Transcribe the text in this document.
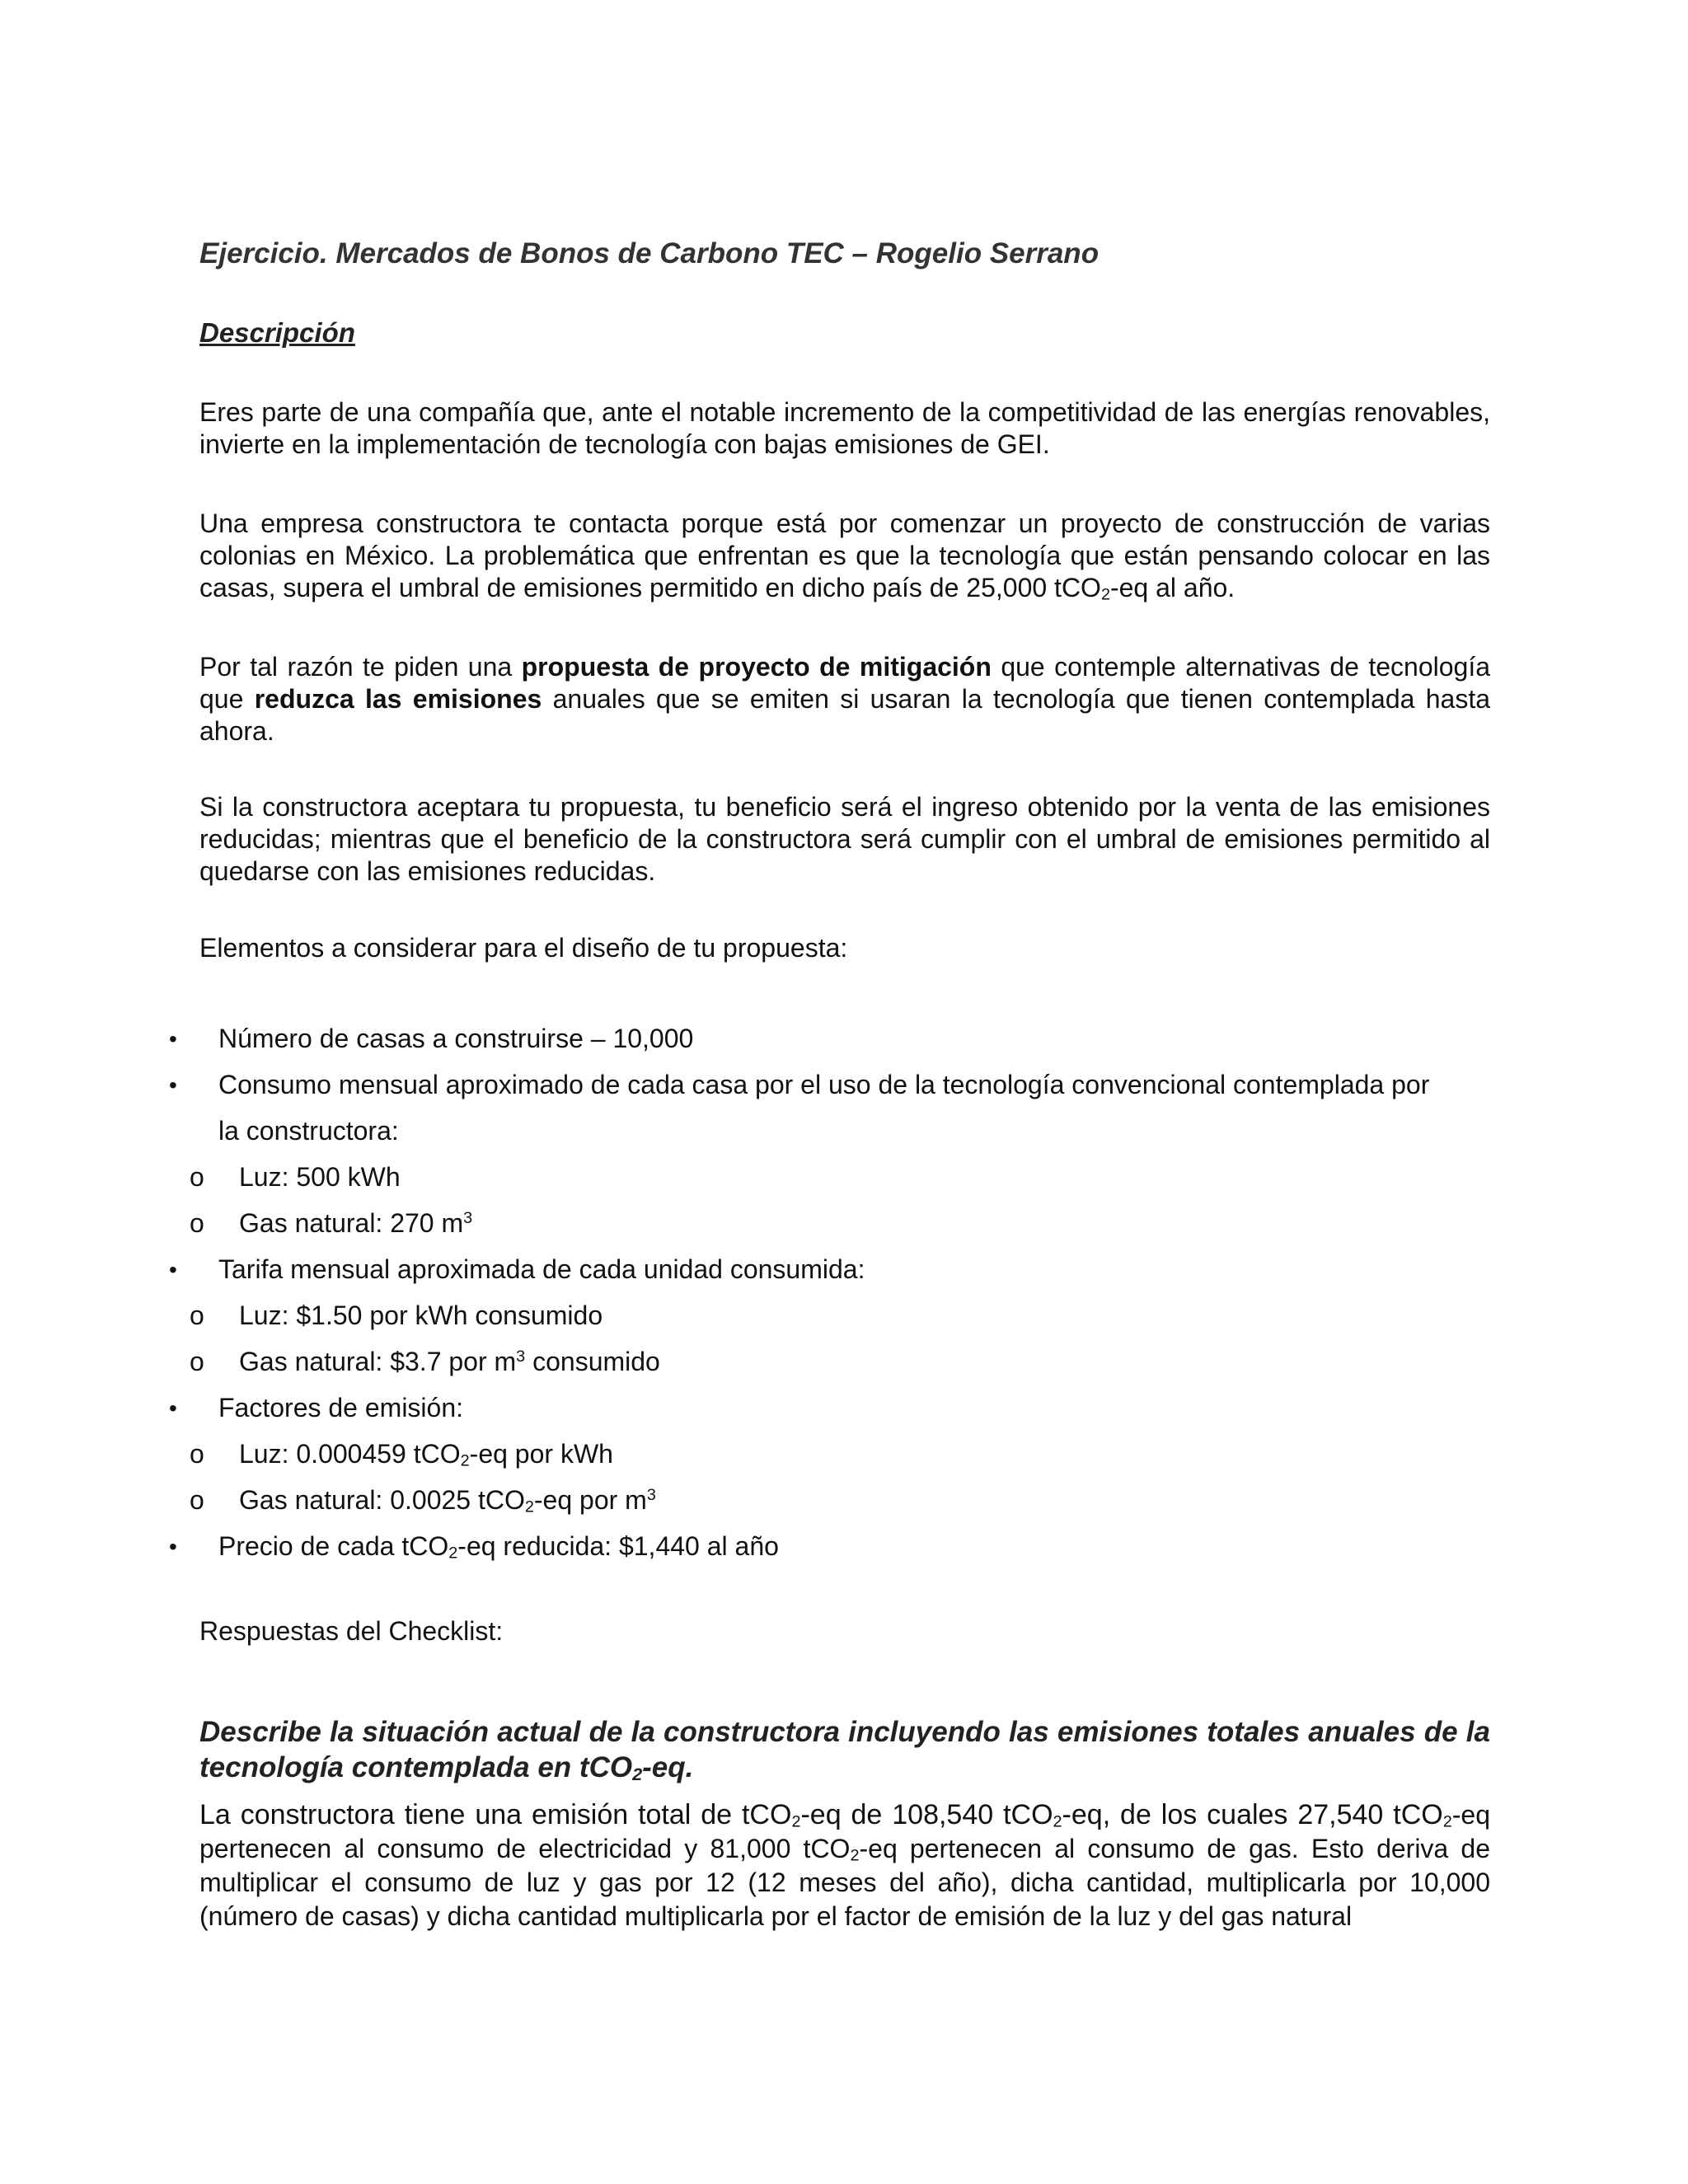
Ejercicio. Mercados de Bonos de Carbono TEC – Rogelio Serrano
Descripción
Eres parte de una compañía que, ante el notable incremento de la competitividad de las energías renovables, invierte en la implementación de tecnología con bajas emisiones de GEI.
Una empresa constructora te contacta porque está por comenzar un proyecto de construcción de varias colonias en México. La problemática que enfrentan es que la tecnología que están pensando colocar en las casas, supera el umbral de emisiones permitido en dicho país de 25,000 tCO$_2$-eq al año.
Por tal razón te piden una propuesta de proyecto de mitigación que contemple alternativas de tecnología que reduzca las emisiones anuales que se emiten si usaran la tecnología que tienen contemplada hasta ahora.
Si la constructora aceptara tu propuesta, tu beneficio será el ingreso obtenido por la venta de las emisiones reducidas; mientras que el beneficio de la constructora será cumplir con el umbral de emisiones permitido al quedarse con las emisiones reducidas.
Elementos a considerar para el diseño de tu propuesta:
• Número de casas a construirse – 10,000
• Consumo mensual aproximado de cada casa por el uso de la tecnología convencional contemplada por
la constructora:
o Luz: 500 kWh
o Gas natural: 270 $m^3$
• Tarifa mensual aproximada de cada unidad consumida:
o Luz: $1.50 por kWh consumido
o Gas natural: $3.7 por $m^3$ consumido
• Factores de emisión:
o Luz: 0.000459 tCO$_2$-eq por kWh
o Gas natural: 0.0025 tCO$_2$-eq por $m^3$
• Precio de cada tCO$_2$-eq reducida: $1,440 al año
Respuestas del Checklist:
Describe la situación actual de la constructora incluyendo las emisiones totales anuales de la tecnología contemplada en tCO$_2$-eq.
La constructora tiene una emisión total de tCO$_2$-eq de 108,540 tCO$_2$-eq, de los cuales 27,540 tCO$_2$-eq pertenecen al consumo de electricidad y 81,000 tCO$_2$-eq pertenecen al consumo de gas. Esto deriva de multiplicar el consumo de luz y gas por 12 (12 meses del año), dicha cantidad, multiplicarla por 10,000 (número de casas) y dicha cantidad multiplicarla por el factor de emisión de la luz y del gas natural
